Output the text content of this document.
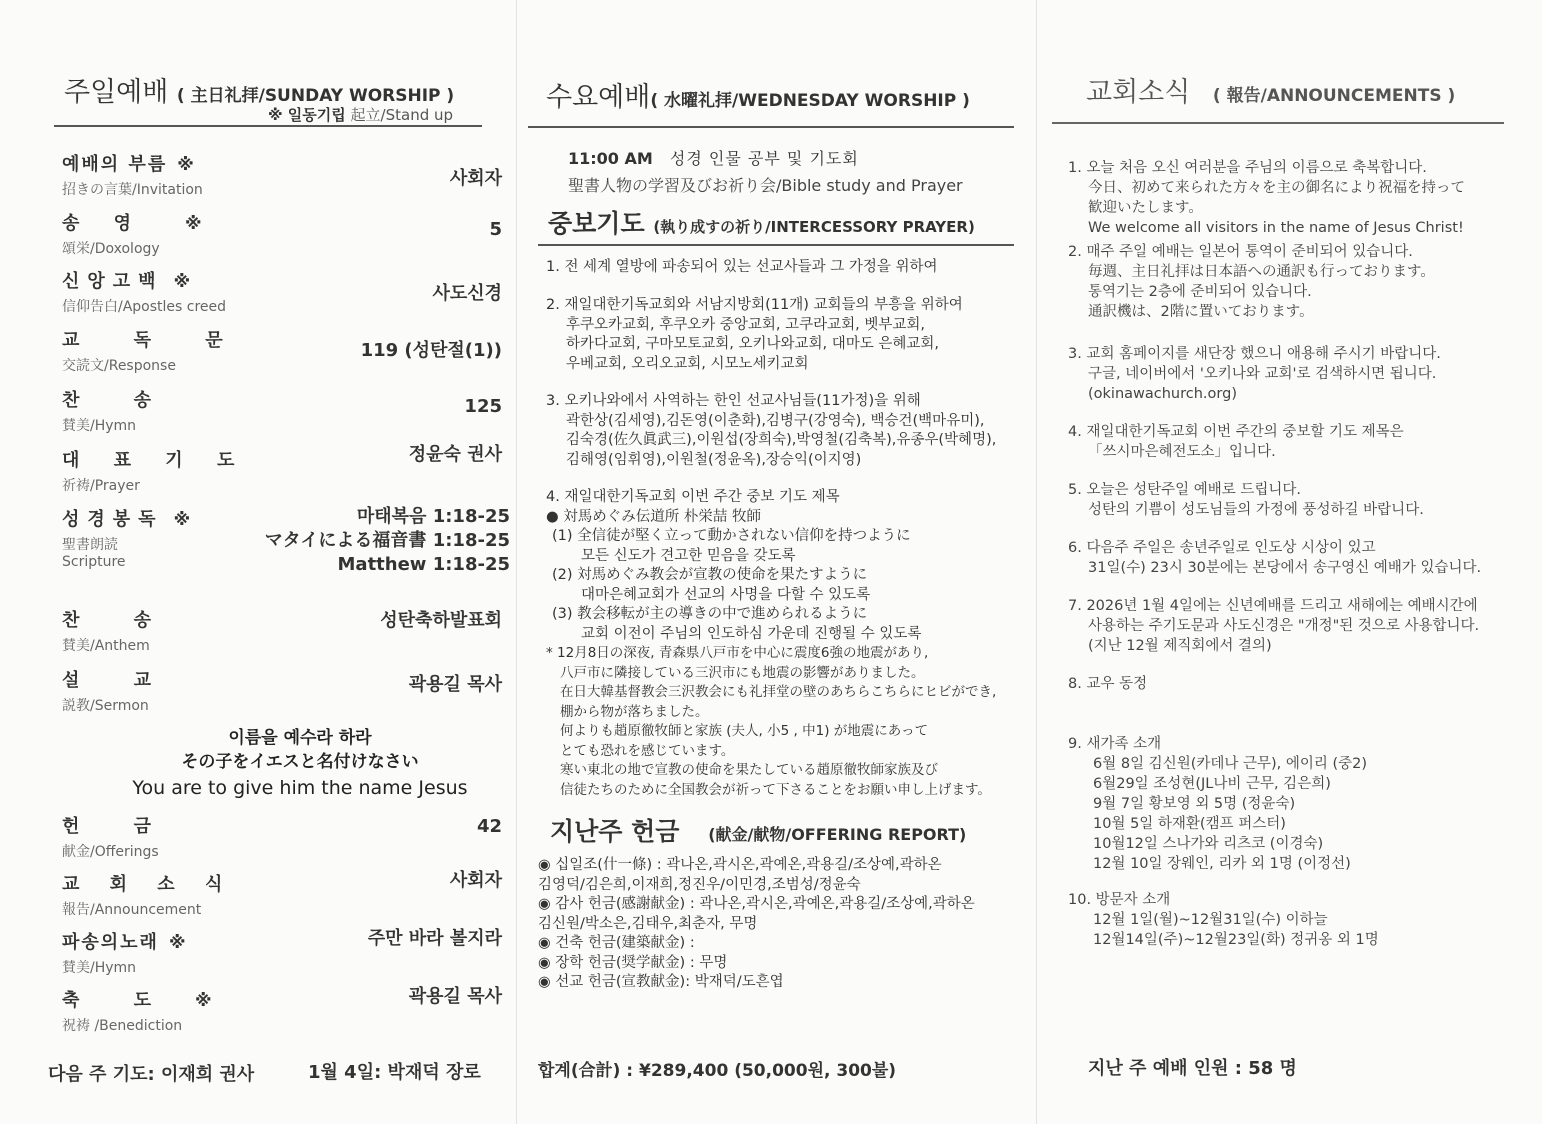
주일예배 ( 主日礼拝/SUNDAY WORSHIP )
※ 일동기립 起立/Stand up
예배의 부름 ※
招きの言葉/Invitation
사회자
송 영 ※
頌栄/Doxology
5
신앙고백 ※
信仰告白/Apostles creed
사도신경
교 독 문
交読文/Response
119 (성탄절(1))
찬 송
賛美/Hymn
125
대 표 기 도
祈祷/Prayer
정윤숙 권사
성경봉독 ※
聖書朗読
Scripture
마태복음 1:18-25
マタイによる福音書 1:18-25
Matthew 1:18-25
찬 송
賛美/Anthem
성탄축하발표회
설 교
説教/Sermon
곽용길 목사
이름을 예수라 하라
その子をイエスと名付けなさい
You are to give him the name Jesus
헌 금
献金/Offerings
42
교 회 소 식
報告/Announcement
사회자
파송의노래 ※
賛美/Hymn
주만 바라 볼지라
축 도 ※
祝祷 /Benediction
곽용길 목사
다음 주 기도: 이재희 권사	1월 4일: 박재덕 장로
수요예배( 水曜礼拝/WEDNESDAY WORSHIP )
11:00 AM 성경 인물 공부 및 기도회
聖書人物の学習及びお祈り会/Bible study and Prayer
중보기도 (執り成すの祈り/INTERCESSORY PRAYER)
1. 전 세계 열방에 파송되어 있는 선교사들과 그 가정을 위하여
2. 재일대한기독교회와 서남지방회(11개) 교회들의 부흥을 위하여
후쿠오카교회, 후쿠오카 중앙교회, 고쿠라교회, 벳부교회,
하카다교회, 구마모토교회, 오키나와교회, 대마도 은혜교회,
우베교회, 오리오교회, 시모노세키교회
3. 오키나와에서 사역하는 한인 선교사님들(11가정)을 위해
곽한상(김세영),김돈영(이춘화),김병구(강영숙), 백승건(백마유미),
김숙경(佐久眞武三),이원섭(장희숙),박영철(김축복),유종우(박혜명),
김해영(임휘영),이원철(정윤옥),장승익(이지영)
4. 재일대한기독교회 이번 주간 중보 기도 제목
● 対馬めぐみ伝道所 朴栄喆 牧師
(1) 全信徒が堅く立って動かされない信仰を持つように
모든 신도가 견고한 믿음을 갖도록
(2) 対馬めぐみ教会が宣教の使命を果たすように
대마은혜교회가 선교의 사명을 다할 수 있도록
(3) 教会移転が主の導きの中で進められるように
교회 이전이 주님의 인도하심 가운데 진행될 수 있도록
* 12月8日の深夜, 青森県八戸市を中心に震度6強の地震があり,
八戸市に隣接している三沢市にも地震の影響がありました。
在日大韓基督教会三沢教会にも礼拝堂の壁のあちらこちらにヒビができ,
棚から物が落ちました。
何よりも趙原徹牧師と家族 (夫人, 小5 , 中1) が地震にあって
とても恐れを感じています。
寒い東北の地で宣教の使命を果たしている趙原徹牧師家族及び
信徒たちのために全国教会が祈って下さることをお願い申し上げます。
지난주 헌금 (献金/献物/OFFERING REPORT)
◉ 십일조(什一條) : 곽나온,곽시온,곽예온,곽용길/조상예,곽하온
김영덕/김은희,이재희,정진우/이민경,조범성/정윤숙
◉ 감사 헌금(感謝献金) : 곽나온,곽시온,곽예온,곽용길/조상예,곽하온
김신원/박소은,김태우,최춘자, 무명
◉ 건축 헌금(建築献金) :
◉ 장학 헌금(奨学献金) : 무명
◉ 선교 헌금(宣教献金): 박재덕/도흔엽
합계(合計) : ¥289,400 (50,000원, 300불)
교회소식 ( 報告/ANNOUNCEMENTS )
1. 오늘 처음 오신 여러분을 주님의 이름으로 축복합니다.
今日、初めて来られた方々を主の御名により祝福を持って
歓迎いたします。
We welcome all visitors in the name of Jesus Christ!
2. 매주 주일 예배는 일본어 통역이 준비되어 있습니다.
毎週、主日礼拝は日本語への通訳も行っております。
통역기는 2층에 준비되어 있습니다.
通訳機は、2階に置いております。
3. 교회 홈페이지를 새단장 했으니 애용해 주시기 바랍니다.
구글, 네이버에서 '오키나와 교회'로 검색하시면 됩니다.
(okinawachurch.org)
4. 재일대한기독교회 이번 주간의 중보할 기도 제목은
「쓰시마은혜전도소」입니다.
5. 오늘은 성탄주일 예배로 드립니다.
성탄의 기쁨이 성도님들의 가정에 풍성하길 바랍니다.
6. 다음주 주일은 송년주일로 인도상 시상이 있고
31일(수) 23시 30분에는 본당에서 송구영신 예배가 있습니다.
7. 2026년 1월 4일에는 신년예배를 드리고 새해에는 예배시간에
사용하는 주기도문과 사도신경은 "개정"된 것으로 사용합니다.
(지난 12월 제직회에서 결의)
8. 교우 동정
9. 새가족 소개
6월 8일 김신원(카데나 근무), 에이리 (중2)
6월29일 조성현(JL나비 근무, 김은희)
9월 7일 황보영 외 5명 (정윤숙)
10월 5일 하재환(캠프 퍼스터)
10월12일 스나가와 리츠코 (이경숙)
12월 10일 장웨인, 리카 외 1명 (이정선)
10. 방문자 소개
12월 1일(월)~12월31일(수) 이하늘
12월14일(주)~12월23일(화) 정귀옹 외 1명
지난 주 예배 인원 : 58 명
